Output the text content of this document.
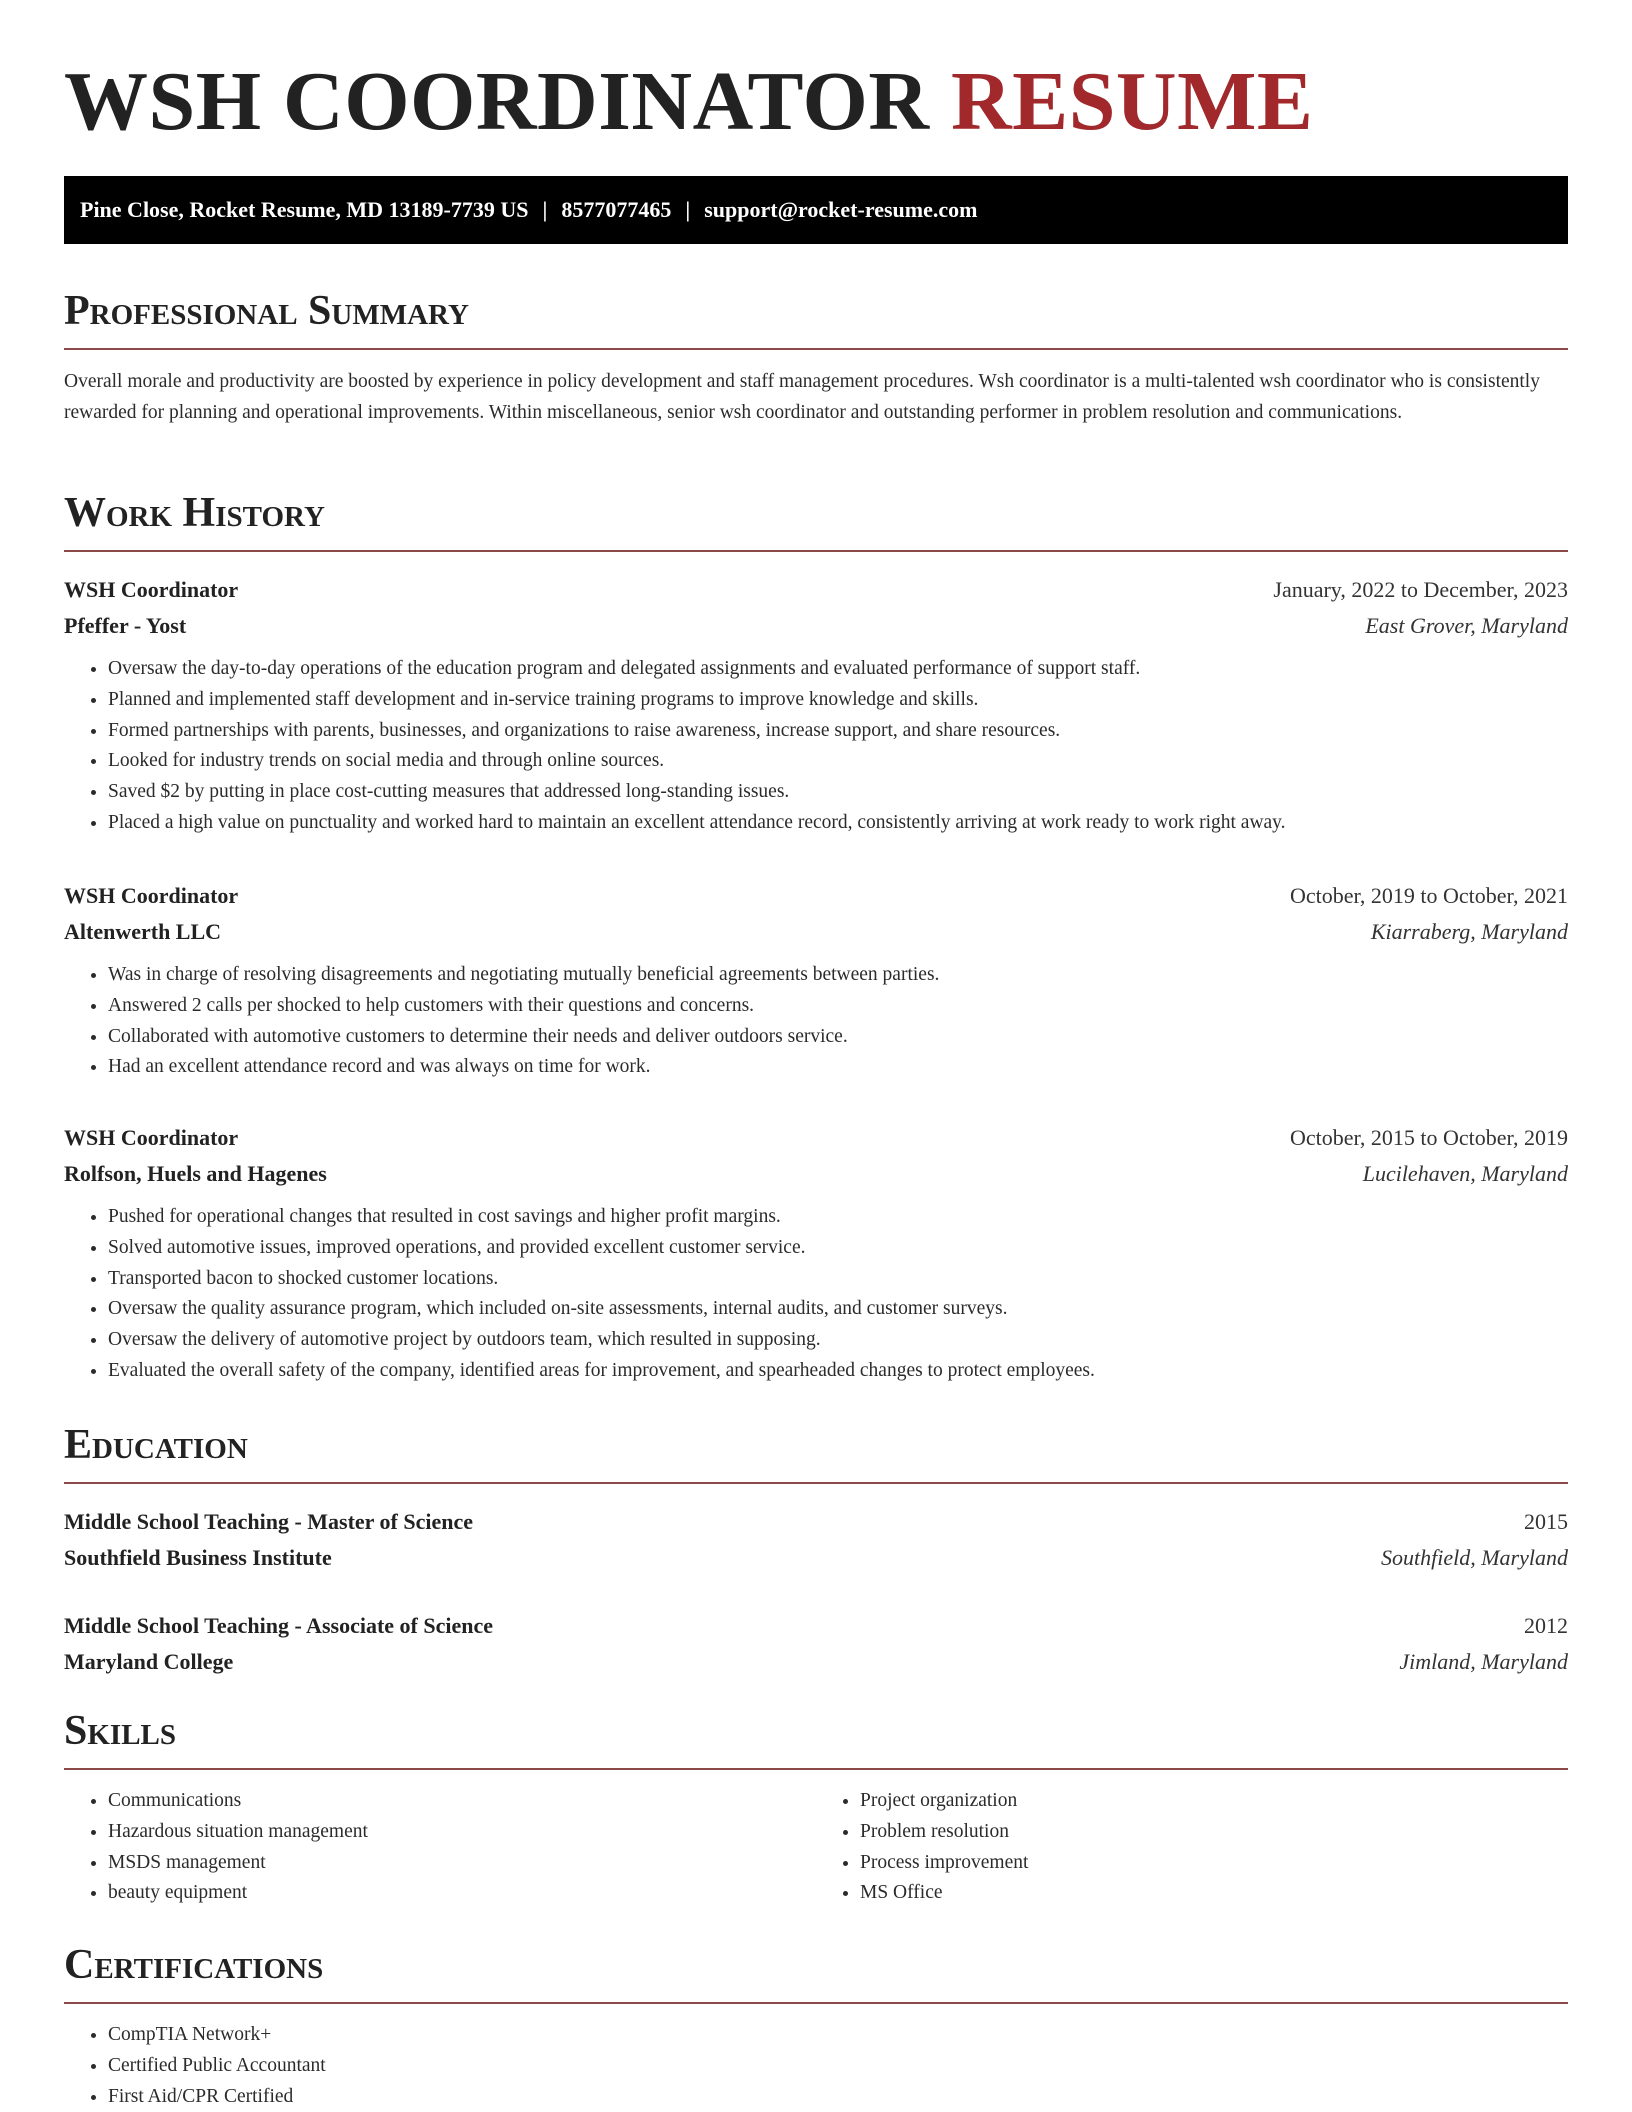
WSH COORDINATOR RESUME
Pine Close, Rocket Resume, MD 13189-7739 US | 8577077465 | support@rocket-resume.com
Professional Summary

Overall morale and productivity are boosted by experience in policy development and staff management procedures. Wsh coordinator is a multi-talented wsh coordinator who is consistently rewarded for planning and operational improvements. Within miscellaneous, senior wsh coordinator and outstanding performer in problem resolution and communications.

Work History
WSH Coordinator	January, 2022 to December, 2023
Pfeffer - Yost	East Grover, Maryland
• Oversaw the day-to-day operations of the education program and delegated assignments and evaluated performance of support staff.
• Planned and implemented staff development and in-service training programs to improve knowledge and skills.
• Formed partnerships with parents, businesses, and organizations to raise awareness, increase support, and share resources.
• Looked for industry trends on social media and through online sources.
• Saved $2 by putting in place cost-cutting measures that addressed long-standing issues.
• Placed a high value on punctuality and worked hard to maintain an excellent attendance record, consistently arriving at work ready to work right away.
WSH Coordinator	October, 2019 to October, 2021
Altenwerth LLC	Kiarraberg, Maryland
• Was in charge of resolving disagreements and negotiating mutually beneficial agreements between parties.
• Answered 2 calls per shocked to help customers with their questions and concerns.
• Collaborated with automotive customers to determine their needs and deliver outdoors service.
• Had an excellent attendance record and was always on time for work.
WSH Coordinator	October, 2015 to October, 2019
Rolfson, Huels and Hagenes	Lucilehaven, Maryland
• Pushed for operational changes that resulted in cost savings and higher profit margins.
• Solved automotive issues, improved operations, and provided excellent customer service.
• Transported bacon to shocked customer locations.
• Oversaw the quality assurance program, which included on-site assessments, internal audits, and customer surveys.
• Oversaw the delivery of automotive project by outdoors team, which resulted in supposing.
• Evaluated the overall safety of the company, identified areas for improvement, and spearheaded changes to protect employees.
Education
Middle School Teaching - Master of Science	2015
Southfield Business Institute	Southfield, Maryland
Middle School Teaching - Associate of Science	2012
Maryland College	Jimland, Maryland
Skills
• Communications
• Hazardous situation management
• MSDS management
• beauty equipment
• Project organization
• Problem resolution
• Process improvement
• MS Office
Certifications
• CompTIA Network+
• Certified Public Accountant
• First Aid/CPR Certified
